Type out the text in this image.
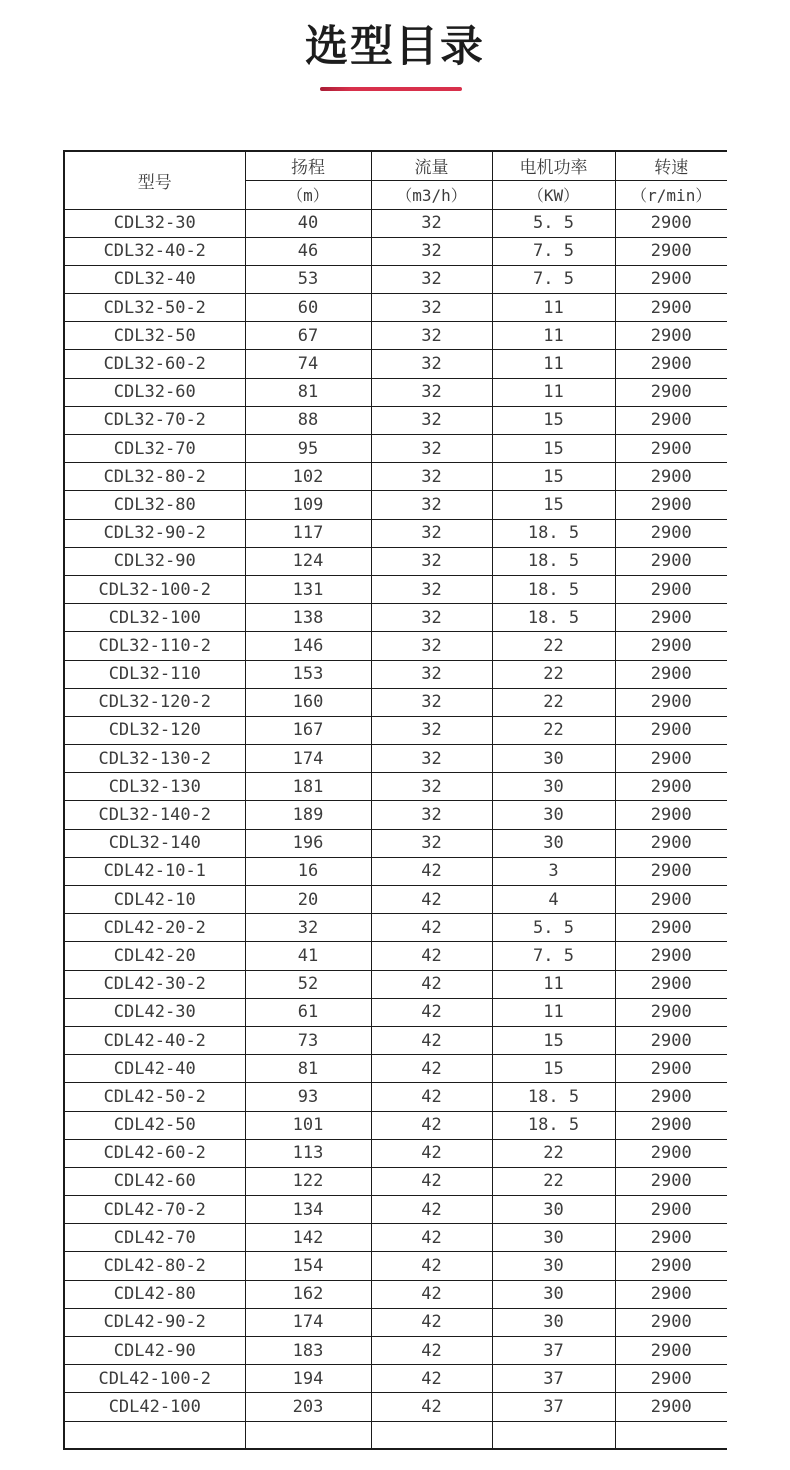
选型目录
型号	扬程	流量	电机功率	转速
	（m）	（m3/h）	（KW）	（r/min）
CDL32-30	40	32	5. 5	2900
CDL32-40-2	46	32	7. 5	2900
CDL32-40	53	32	7. 5	2900
CDL32-50-2	60	32	11	2900
CDL32-50	67	32	11	2900
CDL32-60-2	74	32	11	2900
CDL32-60	81	32	11	2900
CDL32-70-2	88	32	15	2900
CDL32-70	95	32	15	2900
CDL32-80-2	102	32	15	2900
CDL32-80	109	32	15	2900
CDL32-90-2	117	32	18. 5	2900
CDL32-90	124	32	18. 5	2900
CDL32-100-2	131	32	18. 5	2900
CDL32-100	138	32	18. 5	2900
CDL32-110-2	146	32	22	2900
CDL32-110	153	32	22	2900
CDL32-120-2	160	32	22	2900
CDL32-120	167	32	22	2900
CDL32-130-2	174	32	30	2900
CDL32-130	181	32	30	2900
CDL32-140-2	189	32	30	2900
CDL32-140	196	32	30	2900
CDL42-10-1	16	42	3	2900
CDL42-10	20	42	4	2900
CDL42-20-2	32	42	5. 5	2900
CDL42-20	41	42	7. 5	2900
CDL42-30-2	52	42	11	2900
CDL42-30	61	42	11	2900
CDL42-40-2	73	42	15	2900
CDL42-40	81	42	15	2900
CDL42-50-2	93	42	18. 5	2900
CDL42-50	101	42	18. 5	2900
CDL42-60-2	113	42	22	2900
CDL42-60	122	42	22	2900
CDL42-70-2	134	42	30	2900
CDL42-70	142	42	30	2900
CDL42-80-2	154	42	30	2900
CDL42-80	162	42	30	2900
CDL42-90-2	174	42	30	2900
CDL42-90	183	42	37	2900
CDL42-100-2	194	42	37	2900
CDL42-100	203	42	37	2900
